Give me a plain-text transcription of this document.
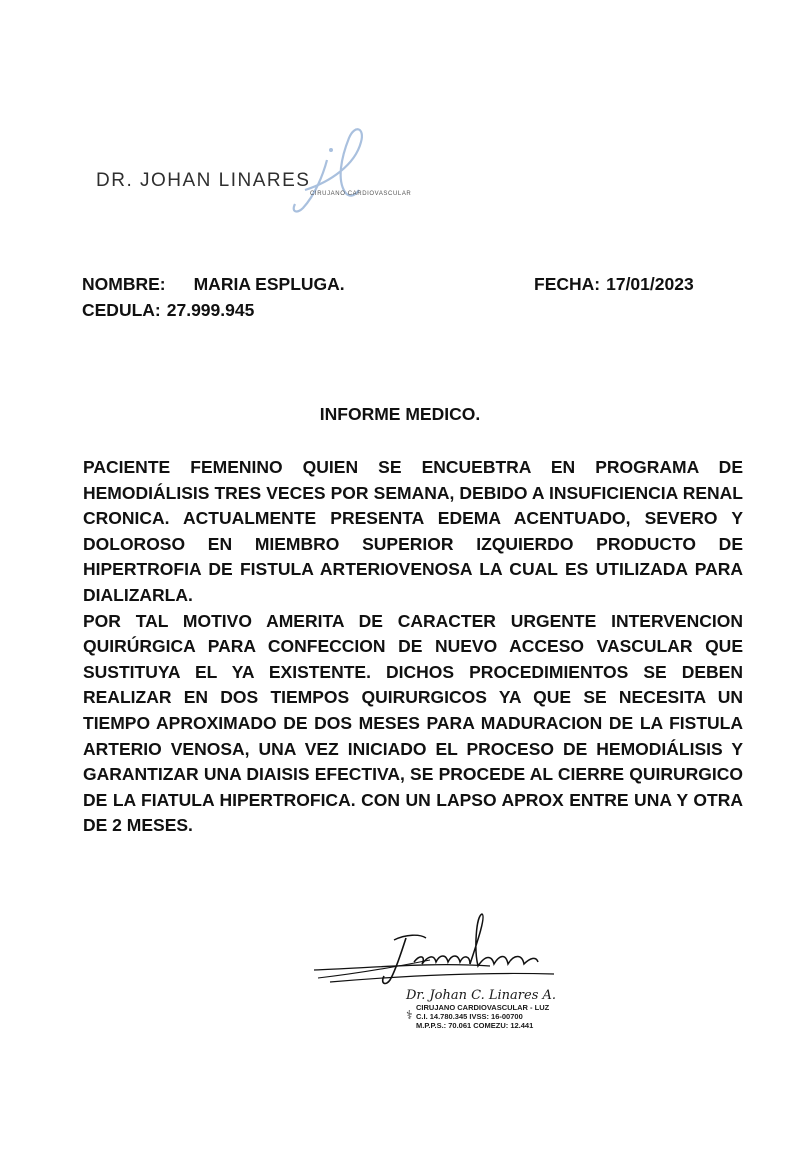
DR. JOHAN LINARES
CIRUJANO CARDIOVASCULAR
NOMBRE: MARIA ESPLUGA.	FECHA: 17/01/2023
CEDULA: 27.999.945
INFORME MEDICO.

PACIENTE FEMENINO QUIEN SE ENCUEBTRA EN PROGRAMA DE HEMODIÁLISIS TRES VECES POR SEMANA, DEBIDO A INSUFICIENCIA RENAL CRONICA. ACTUALMENTE PRESENTA EDEMA ACENTUADO, SEVERO Y DOLOROSO EN MIEMBRO SUPERIOR IZQUIERDO PRODUCTO DE HIPERTROFIA DE FISTULA ARTERIOVENOSA LA CUAL ES UTILIZADA PARA DIALIZARLA.

POR TAL MOTIVO AMERITA DE CARACTER URGENTE INTERVENCION QUIRÚRGICA PARA CONFECCION DE NUEVO ACCESO VASCULAR QUE SUSTITUYA EL YA EXISTENTE. DICHOS PROCEDIMIENTOS SE DEBEN REALIZAR EN DOS TIEMPOS QUIRURGICOS YA QUE SE NECESITA UN TIEMPO APROXIMADO DE DOS MESES PARA MADURACION DE LA FISTULA ARTERIO VENOSA, UNA VEZ INICIADO EL PROCESO DE HEMODIÁLISIS Y GARANTIZAR UNA DIAISIS EFECTIVA, SE PROCEDE AL CIERRE QUIRURGICO DE LA FIATULA HIPERTROFICA. CON UN LAPSO APROX ENTRE UNA Y OTRA DE 2 MESES.

Dr. Johan C. Linares A.
⚕
CIRUJANO CARDIOVASCULAR - LUZ
C.I. 14.780.345 IVSS: 16-00700
M.P.P.S.: 70.061 COMEZU: 12.441
